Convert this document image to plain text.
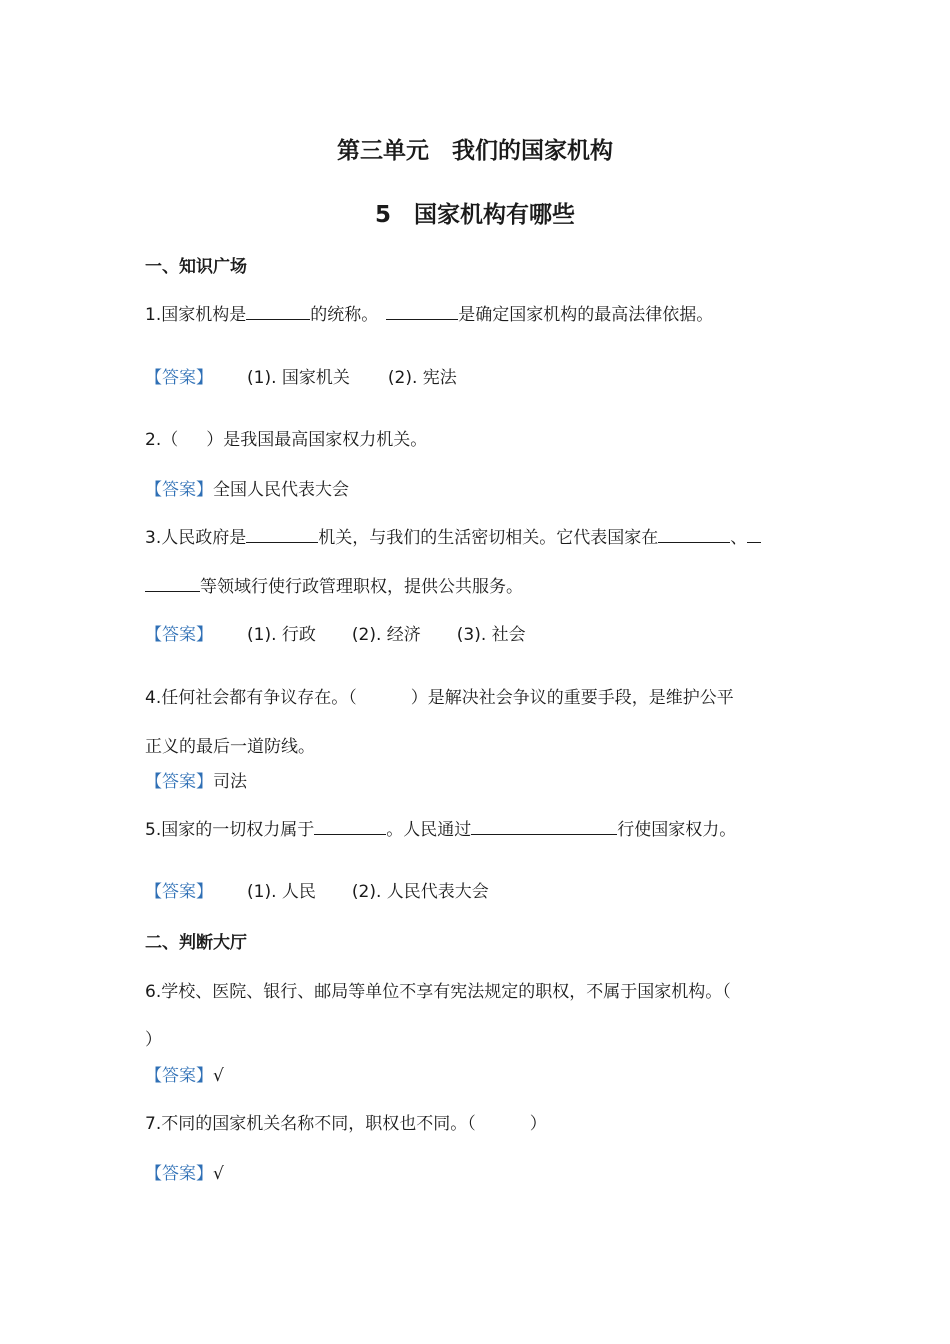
第三单元　我们的国家机构
5　国家机构有哪些
一、知识广场
1.国家机构是	的统称。	是确定国家机构的最高法律依据。
【答案】 (1). 国家机关 (2). 宪法
2.（ ）是我国最高国家权力机关。
【答案】全国人民代表大会
3.人民政府是	机关，与我们的生活密切相关。它代表国家在	、
等领域行使行政管理职权，提供公共服务。
【答案】 (1). 行政 (2). 经济 (3). 社会
4.任何社会都有争议存在。（	）是解决社会争议的重要手段，是维护公平
正义的最后一道防线。
【答案】司法
5.国家的一切权力属于	。人民通过	行使国家权力。
【答案】 (1). 人民 (2). 人民代表大会
二、判断大厅
6.学校、医院、银行、邮局等单位不享有宪法规定的职权，不属于国家机构。（
）
【答案】√
7.不同的国家机关名称不同，职权也不同。（	）
【答案】√
